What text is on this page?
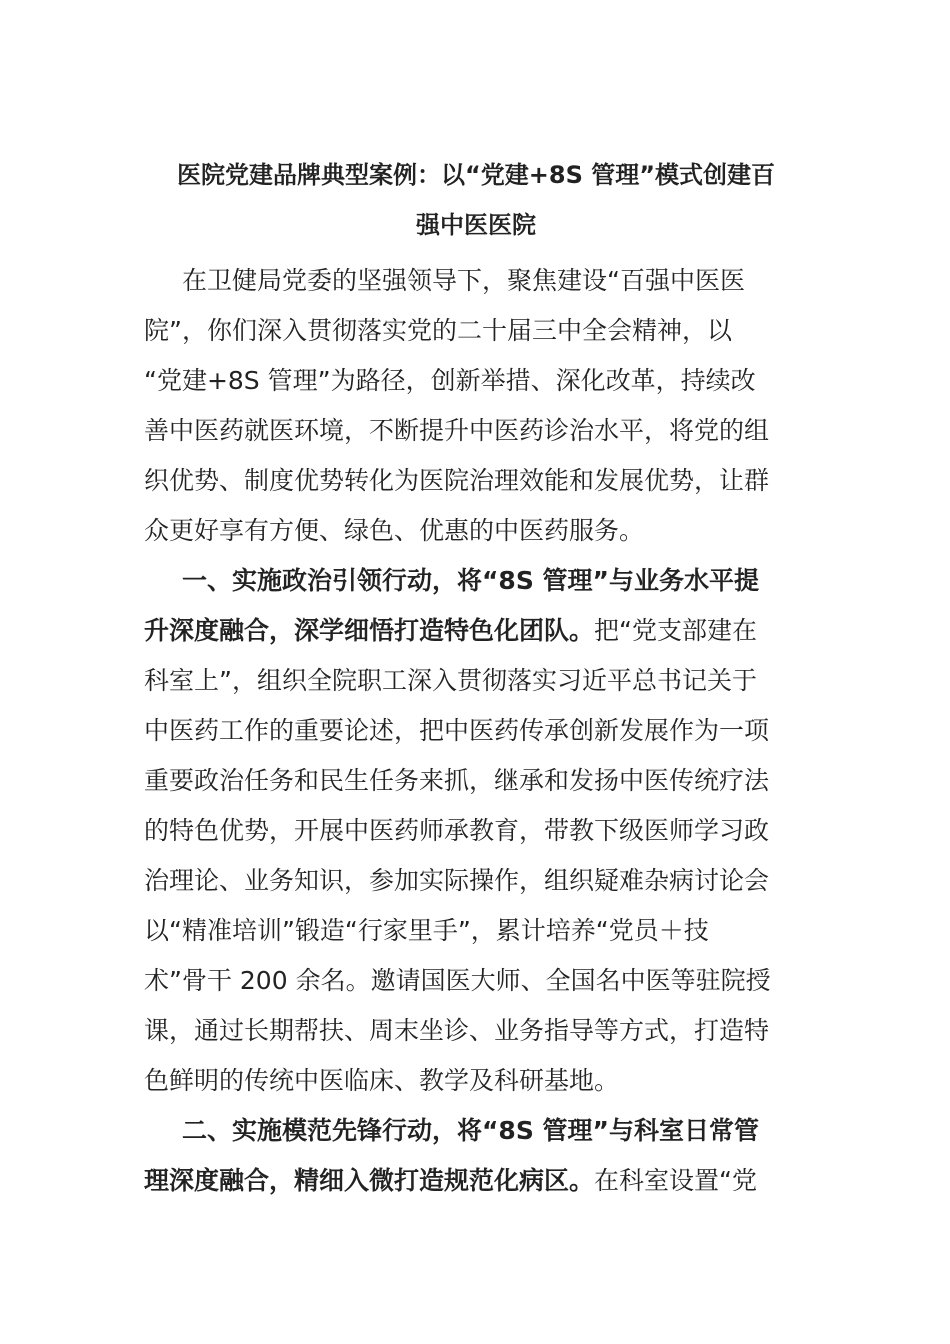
医院党建品牌典型案例：以“党建+8S 管理”模式创建百
强中医医院
在卫健局党委的坚强领导下，聚焦建设“百强中医医
院”，你们深入贯彻落实党的二十届三中全会精神，以
“党建+8S 管理”为路径，创新举措、深化改革，持续改
善中医药就医环境，不断提升中医药诊治水平，将党的组
织优势、制度优势转化为医院治理效能和发展优势，让群
众更好享有方便、绿色、优惠的中医药服务。
一、实施政治引领行动，将“8S 管理”与业务水平提
升深度融合，深学细悟打造特色化团队。把“党支部建在
科室上”，组织全院职工深入贯彻落实习近平总书记关于
中医药工作的重要论述，把中医药传承创新发展作为一项
重要政治任务和民生任务来抓，继承和发扬中医传统疗法
的特色优势，开展中医药师承教育，带教下级医师学习政
治理论、业务知识，参加实际操作，组织疑难杂病讨论会
以“精准培训”锻造“行家里手”，累计培养“党员＋技
术”骨干 200 余名。邀请国医大师、全国名中医等驻院授
课，通过长期帮扶、周末坐诊、业务指导等方式，打造特
色鲜明的传统中医临床、教学及科研基地。
二、实施模范先锋行动，将“8S 管理”与科室日常管
理深度融合，精细入微打造规范化病区。在科室设置“党
